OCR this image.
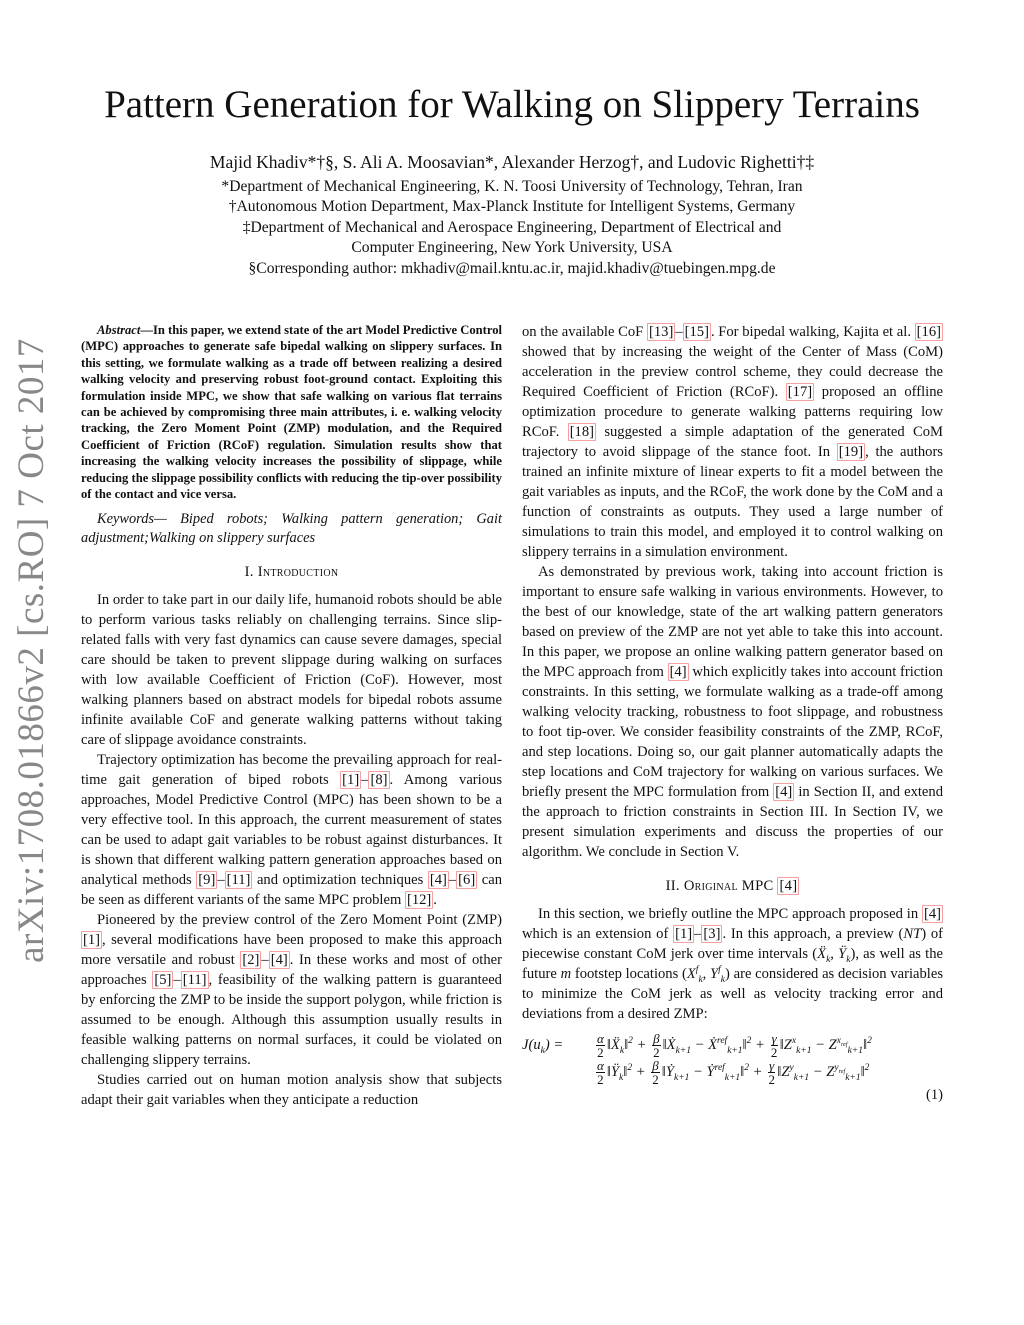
arXiv:1708.01866v2 [cs.RO] 7 Oct 2017
Pattern Generation for Walking on Slippery Terrains
Majid Khadiv*†§, S. Ali A. Moosavian*, Alexander Herzog†, and Ludovic Righetti†‡
*Department of Mechanical Engineering, K. N. Toosi University of Technology, Tehran, Iran
†Autonomous Motion Department, Max-Planck Institute for Intelligent Systems, Germany
‡Department of Mechanical and Aerospace Engineering, Department of Electrical and
Computer Engineering, New York University, USA
§Corresponding author: mkhadiv@mail.kntu.ac.ir, majid.khadiv@tuebingen.mpg.de

Abstract—In this paper, we extend state of the art Model Predictive Control (MPC) approaches to generate safe bipedal walking on slippery surfaces. In this setting, we formulate walking as a trade off between realizing a desired walking velocity and preserving robust foot-ground contact. Exploiting this formulation inside MPC, we show that safe walking on various flat terrains can be achieved by compromising three main attributes, i. e. walking velocity tracking, the Zero Moment Point (ZMP) modulation, and the Required Coefficient of Friction (RCoF) regulation. Simulation results show that increasing the walking velocity increases the possibility of slippage, while reducing the slippage possibility conflicts with reducing the tip-over possibility of the contact and vice versa.

Keywords— Biped robots; Walking pattern generation; Gait adjustment;Walking on slippery surfaces

I. Introduction

In order to take part in our daily life, humanoid robots should be able to perform various tasks reliably on challenging terrains. Since slip-related falls with very fast dynamics can cause severe damages, special care should be taken to prevent slippage during walking on surfaces with low available Coefficient of Friction (CoF). However, most walking planners based on abstract models for bipedal robots assume infinite available CoF and generate walking patterns without taking care of slippage avoidance constraints.

Trajectory optimization has become the prevailing approach for real-time gait generation of biped robots [1] – [8] . Among various approaches, Model Predictive Control (MPC) has been shown to be a very effective tool. In this approach, the current measurement of states can be used to adapt gait variables to be robust against disturbances. It is shown that different walking pattern generation approaches based on analytical methods [9] – [11] and optimization techniques [4] – [6] can be seen as different variants of the same MPC problem [12] .

Pioneered by the preview control of the Zero Moment Point (ZMP) [1] , several modifications have been proposed to make this approach more versatile and robust [2] – [4] . In these works and most of other approaches [5] – [11] , feasibility of the walking pattern is guaranteed by enforcing the ZMP to be inside the support polygon, while friction is assumed to be enough. Although this assumption usually results in feasible walking patterns on normal surfaces, it could be violated on challenging slippery terrains.

Studies carried out on human motion analysis show that subjects adapt their gait variables when they anticipate a reduction

on the available CoF [13] – [15] . For bipedal walking, Kajita et al. [16] showed that by increasing the weight of the Center of Mass (CoM) acceleration in the preview control scheme, they could decrease the Required Coefficient of Friction (RCoF). [17] proposed an offline optimization procedure to generate walking patterns requiring low RCoF. [18] suggested a simple adaptation of the generated CoM trajectory to avoid slippage of the stance foot. In [19] , the authors trained an infinite mixture of linear experts to fit a model between the gait variables as inputs, and the RCoF, the work done by the CoM and a function of constraints as outputs. They used a large number of simulations to train this model, and employed it to control walking on slippery terrains in a simulation environment.

As demonstrated by previous work, taking into account friction is important to ensure safe walking in various environments. However, to the best of our knowledge, state of the art walking pattern generators based on preview of the ZMP are not yet able to take this into account. In this paper, we propose an online walking pattern generator based on the MPC approach from [4] which explicitly takes into account friction constraints. In this setting, we formulate walking as a trade-off among walking velocity tracking, robustness to foot slippage, and robustness to foot tip-over. We consider feasibility constraints of the ZMP, RCoF, and step locations. Doing so, our gait planner automatically adapts the step locations and CoM trajectory for walking on various surfaces. We briefly present the MPC formulation from [4] in Section II, and extend the approach to friction constraints in Section III. In Section IV, we present simulation experiments and discuss the properties of our algorithm. We conclude in Section V.

II. Original MPC [4]

In this section, we briefly outline the MPC approach proposed in [4] which is an extension of [1] – [3] . In this approach, a preview (NT) of piecewise constant CoM jerk over time intervals (Ẍ$_k$, $Ÿ_k$), as well as the future m footstep locations ($X^f_k$, $Y^f_k$) are considered as decision variables to minimize the CoM jerk as well as velocity tracking error and deviations from a desired ZMP:

$J(u_k)$ =	$\frac{\alpha}{2}$ ‖Ẍ$_k$‖$^2$ + $\frac{\beta}{2}$ ‖Ẋ$_{k+1}$ − Ẋ$^{ref}_{k+1}$‖$^2$ + $\frac{\gamma}{2}$ $‖Z^x_{k+1}$ − $Z^{x_{ref}}_{k+1}‖^2$
$\frac{\alpha}{2}$ $‖Ÿ_k‖^2 + \frac{\beta}{2}$ ‖Ẏ$_{k+1}$ − Ẏ$^{ref}_{k+1}$‖$^2$ + $\frac{\gamma}{2}$ $‖Z^y_{k+1}$ − $Z^{y_{ref}}_{k+1}‖^2$
(1)
